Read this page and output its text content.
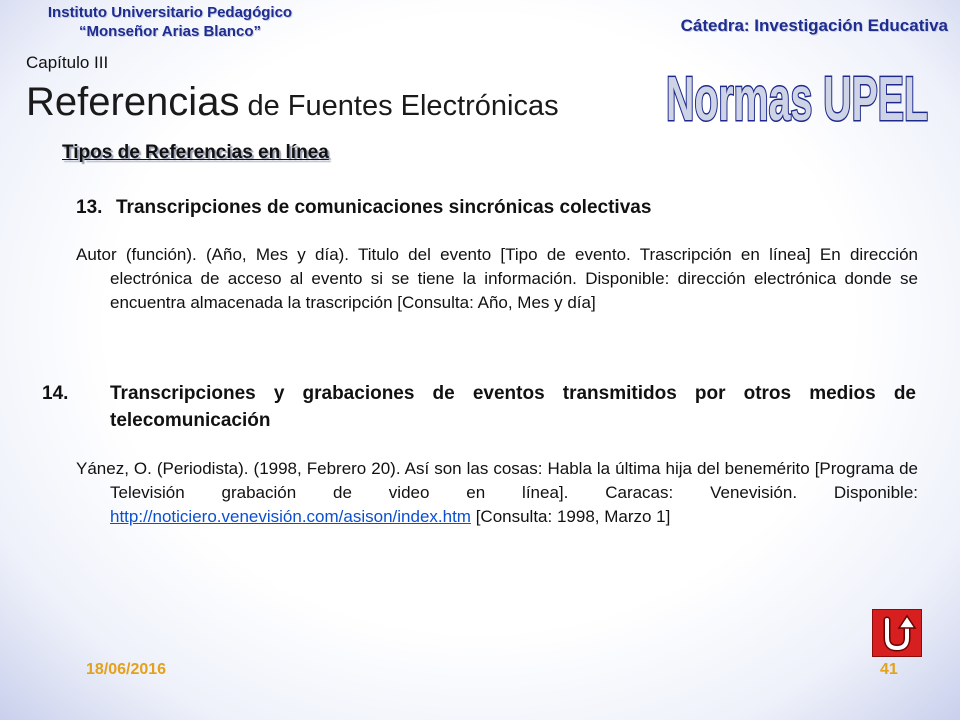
Instituto Universitario Pedagógico
“Monseñor Arias Blanco”	Cátedra: Investigación Educativa
Capítulo III
Referencias de Fuentes Electrónicas Normas UPEL
Tipos de Referencias en línea
13. Transcripciones de comunicaciones sincrónicas colectivas
Autor (función). (Año, Mes y día). Titulo del evento [Tipo de evento. Trascripción en línea] En dirección electrónica de acceso al evento si se tiene la información. Disponible: dirección electrónica donde se encuentra almacenada la trascripción [Consulta: Año, Mes y día]
14. Transcripciones y grabaciones de eventos transmitidos por otros medios de telecomunicación
Yánez, O. (Periodista). (1998, Febrero 20). Así son las cosas: Habla la última hija del benemérito [Programa de Televisión grabación de video en línea]. Caracas: Venevisión. Disponible: http://noticiero.venevisión.com/asison/index.htm [Consulta: 1998, Marzo 1]
18/06/2016	41
